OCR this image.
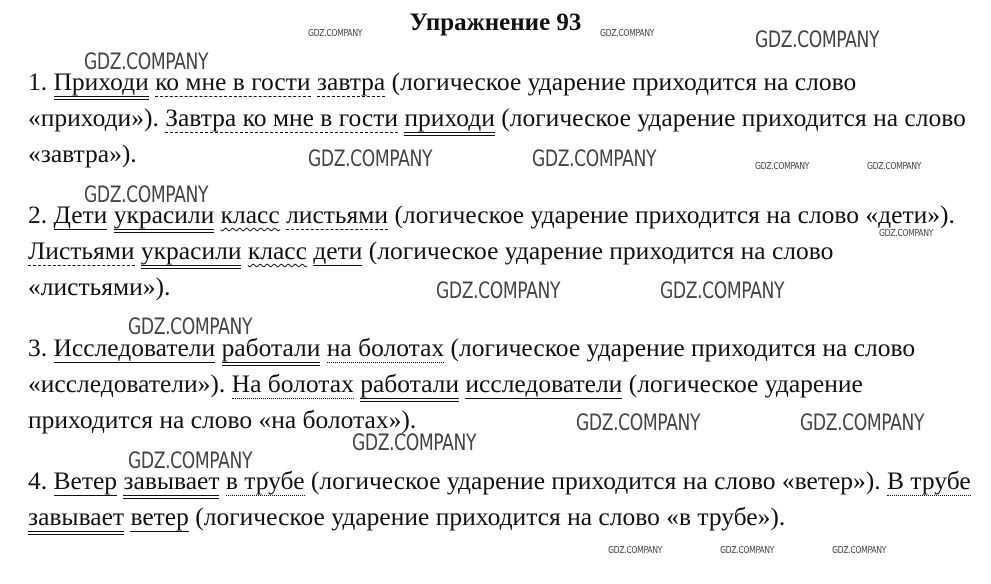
Упражнение 93

1. Приходи ко мне в гости завтра (логическое ударение приходится на слово «приходи»). Завтра ко мне в гости приходи (логическое ударение приходится на слово «завтра»).

2. Дети украсили класс листьями (логическое ударение приходится на слово «дети»). Листьями украсили класс дети (логическое ударение приходится на слово «листьями»).

3. Исследователи работали на болотах (логическое ударение приходится на слово «исследователи»). На болотах работали исследователи (логическое ударение приходится на слово «на болотах»).

4. Ветер завывает в трубе (логическое ударение приходится на слово «ветер»). В трубе завывает ветер (логическое ударение приходится на слово «в трубе»).

GDZ.COMPANY	GDZ.COMPANY	GDZ.COMPANY
GDZ.COMPANY
GDZ.COMPANY	GDZ.COMPANY	GDZ.COMPANY	GDZ.COMPANY
GDZ.COMPANY
GDZ.COMPANY
GDZ.COMPANY	GDZ.COMPANY
GDZ.COMPANY
GDZ.COMPANY	GDZ.COMPANY
GDZ.COMPANY
GDZ.COMPANY
GDZ.COMPANY	GDZ.COMPANY	GDZ.COMPANY
